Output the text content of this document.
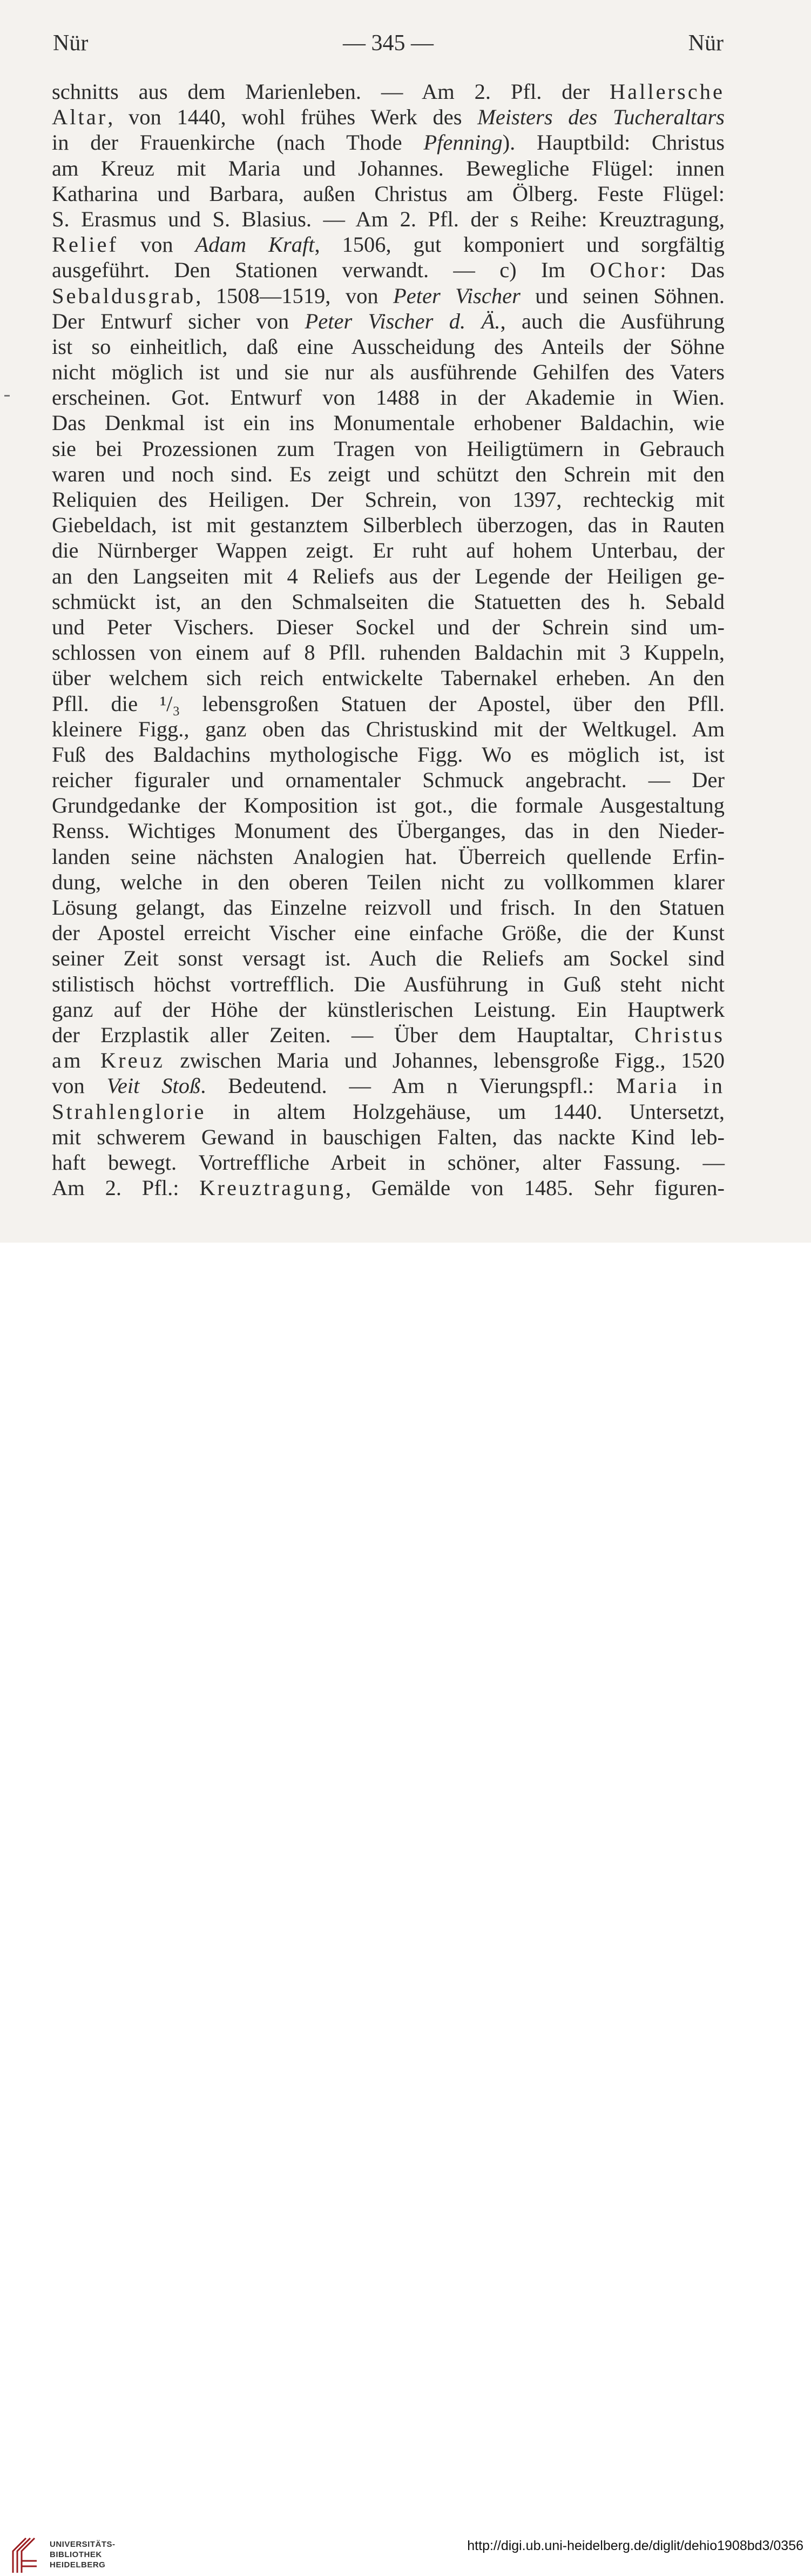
Nür	— 345 —	Nür
schnitts aus dem Marienleben. — Am 2. Pfl. der Hallersche
Altar, von 1440, wohl frühes Werk des Meisters des Tucheraltars
in der Frauenkirche (nach Thode Pfenning). Hauptbild: Christus
am Kreuz mit Maria und Johannes. Bewegliche Flügel: innen
Katharina und Barbara, außen Christus am Ölberg. Feste Flügel:
S. Erasmus und S. Blasius. — Am 2. Pfl. der s Reihe: Kreuztragung,
Relief von Adam Kraft, 1506, gut komponiert und sorgfältig
ausgeführt. Den Stationen verwandt. — c) Im OChor: Das
Sebaldusgrab, 1508—1519, von Peter Vischer und seinen Söhnen.
Der Entwurf sicher von Peter Vischer d. Ä., auch die Ausführung
ist so einheitlich, daß eine Ausscheidung des Anteils der Söhne
nicht möglich ist und sie nur als ausführende Gehilfen des Vaters
erscheinen. Got. Entwurf von 1488 in der Akademie in Wien.
Das Denkmal ist ein ins Monumentale erhobener Baldachin, wie
sie bei Prozessionen zum Tragen von Heiligtümern in Gebrauch
waren und noch sind. Es zeigt und schützt den Schrein mit den
Reliquien des Heiligen. Der Schrein, von 1397, rechteckig mit
Giebeldach, ist mit gestanztem Silberblech überzogen, das in Rauten
die Nürnberger Wappen zeigt. Er ruht auf hohem Unterbau, der
an den Langseiten mit 4 Reliefs aus der Legende der Heiligen ge-
schmückt ist, an den Schmalseiten die Statuetten des h. Sebald
und Peter Vischers. Dieser Sockel und der Schrein sind um-
schlossen von einem auf 8 Pfll. ruhenden Baldachin mit 3 Kuppeln,
über welchem sich reich entwickelte Tabernakel erheben. An den
Pfll. die ¹/₃ lebensgroßen Statuen der Apostel, über den Pfll.
kleinere Figg., ganz oben das Christuskind mit der Weltkugel. Am
Fuß des Baldachins mythologische Figg. Wo es möglich ist, ist
reicher figuraler und ornamentaler Schmuck angebracht. — Der
Grundgedanke der Komposition ist got., die formale Ausgestaltung
Renss. Wichtiges Monument des Überganges, das in den Nieder-
landen seine nächsten Analogien hat. Überreich quellende Erfin-
dung, welche in den oberen Teilen nicht zu vollkommen klarer
Lösung gelangt, das Einzelne reizvoll und frisch. In den Statuen
der Apostel erreicht Vischer eine einfache Größe, die der Kunst
seiner Zeit sonst versagt ist. Auch die Reliefs am Sockel sind
stilistisch höchst vortrefflich. Die Ausführung in Guß steht nicht
ganz auf der Höhe der künstlerischen Leistung. Ein Hauptwerk
der Erzplastik aller Zeiten. — Über dem Hauptaltar, Christus
am Kreuz zwischen Maria und Johannes, lebensgroße Figg., 1520
von Veit Stoß. Bedeutend. — Am n Vierungspfl.: Maria in
Strahlenglorie in altem Holzgehäuse, um 1440. Untersetzt,
mit schwerem Gewand in bauschigen Falten, das nackte Kind leb-
haft bewegt. Vortreffliche Arbeit in schöner, alter Fassung. —
Am 2. Pfl.: Kreuztragung, Gemälde von 1485. Sehr figuren-
UNIVERSITÄTS-
BIBLIOTHEK
HEIDELBERG
http://digi.ub.uni-heidelberg.de/diglit/dehio1908bd3/0356
